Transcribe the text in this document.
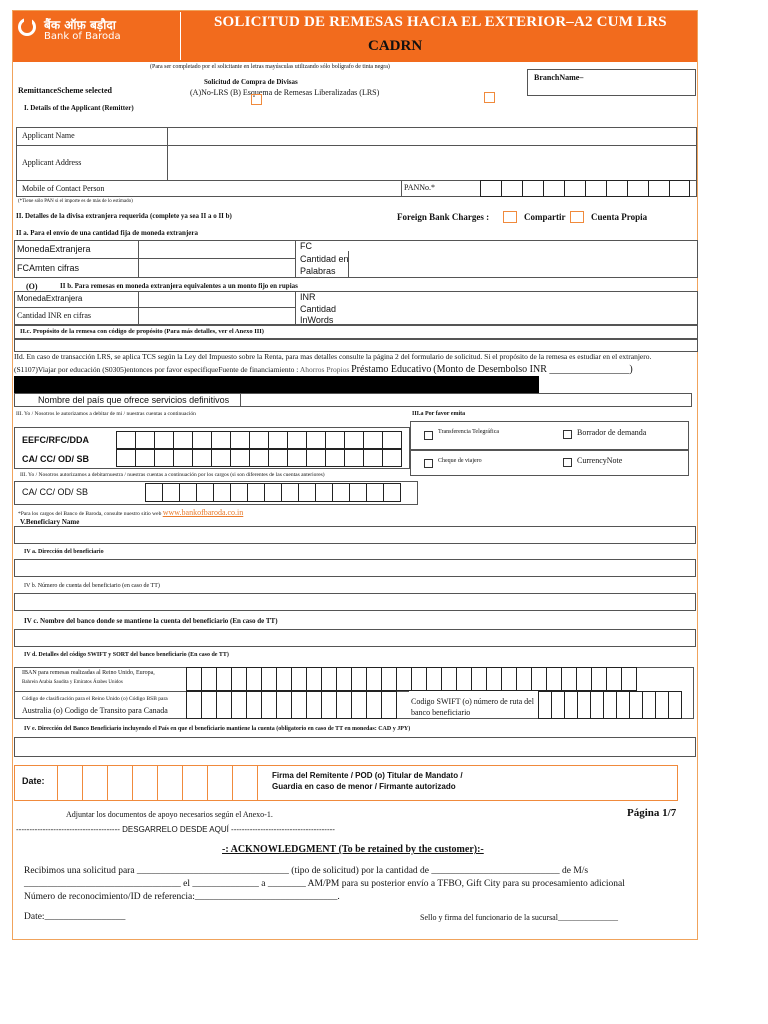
बैंक ऑफ़ बड़ौदा
Bank of Baroda
SOLICITUD DE REMESAS HACIA EL EXTERIOR–A2 CUM LRS
CADRN
(Para ser completado por el solicitante en letras mayúsculas utilizando sólo bolígrafo de tinta negra)
BranchName–
RemittanceScheme selected
Solicitud de Compra de Divisas
(A)No-LRS (B) Esquema de Remesas Liberalizadas (LRS)
I. Details of the Applicant (Remitter)
Applicant Name
Applicant Address
Mobile of Contact Person	PANNo.*
(*Tiene sólo PAN si el importe es de más de lo estimado)
II. Detalles de la divisa extranjera requerida (complete ya sea II a o II b)	Foreign Bank Charges :	Compartir	Cuenta Propia
II a. Para el envío de una cantidad fija de moneda extranjera
MonedaExtranjera	FC
FCAmten cifras
Cantidad en Palabras
(O)	II b. Para remesas en moneda extranjera equivalentes a un monto fijo en rupias
MonedaExtranjera	INR
Cantidad INR en cifras
Cantidad InWords
II.c. Propósito de la remesa con código de propósito (Para más detalles, ver el Anexo III)
IId. En caso de transacción LRS, se aplica TCS según la Ley del Impuesto sobre la Renta, para mas detalles consulte la página 2 del formulario de solicitud. Si el propósito de la remesa es estudiar en el extranjero.
(S1107)Viajar por educación (S0305)entonces por favor especifiqueFuente de financiamiento : Ahorros Propios Préstamo Educativo (Monto de Desembolso INR ________________)
Nombre del país que ofrece servicios definitivos
III. Yo / Nosotros le autorizamos a debitar de mi / nuestras cuentas a continuación
EEFC/RFC/DDA
CA/ CC/ OD/ SB
III.a Por favor emita
Transferencia Telegráfica	Borrador de demanda
Cheque de viajero	CurrencyNote
III. Yo / Nosotros autorizamos a debitarnuestra / nuestras cuentas a continuación por los cargos (si son diferentes de las cuentas anteriores)
CA/ CC/ OD/ SB
*Para los cargos del Banco de Baroda, consulte nuestro sitio web www.bankofbaroda.co.in
V.Beneficiary Name
IV a. Dirección del beneficiario
IV b. Número de cuenta del beneficiario (en caso de TT)
IV c. Nombre del banco donde se mantiene la cuenta del beneficiario (En caso de TT)
IV d. Detalles del código SWIFT y SORT del banco beneficiario (En caso de TT)
IBAN para remesas realizadas al Reino Unido, Europa,
Bahrein Arabia Saudita y Emiratos Árabes Unidos
Código de clasificación para el Reino Unido (o) Código BSB para
Australia (o) Codigo de Transito para Canada
Codigo SWIFT (o) número de ruta del banco beneficiario
IV e. Dirección del Banco Beneficiario incluyendo el País en que el beneficiario mantiene la cuenta (obligatorio en caso de TT en monedas: CAD y JPY)
Date:
Firma del Remitente / POD (o) Titular de Mandato /
Guardia en caso de menor / Firmante autorizado
Adjuntar los documentos de apoyo necesarios según el Anexo-1.	Página 1/7
--------------------------------------- DESGARRELO DESDE AQUÍ ---------------------------------------
-: ACKNOWLEDGMENT (To be retained by the customer):-
Recibimos una solicitud para ________________________________ (tipo de solicitud) por la cantidad de ___________________________ de M/s
_________________________________ el ______________ a ________ AM/PM para su posterior envío a TFBO, Gift City para su procesamiento adicional
Número de reconocimiento/ID de referencia:______________________________.
Date:_________________	Sello y firma del funcionario de la sucursal_______________
